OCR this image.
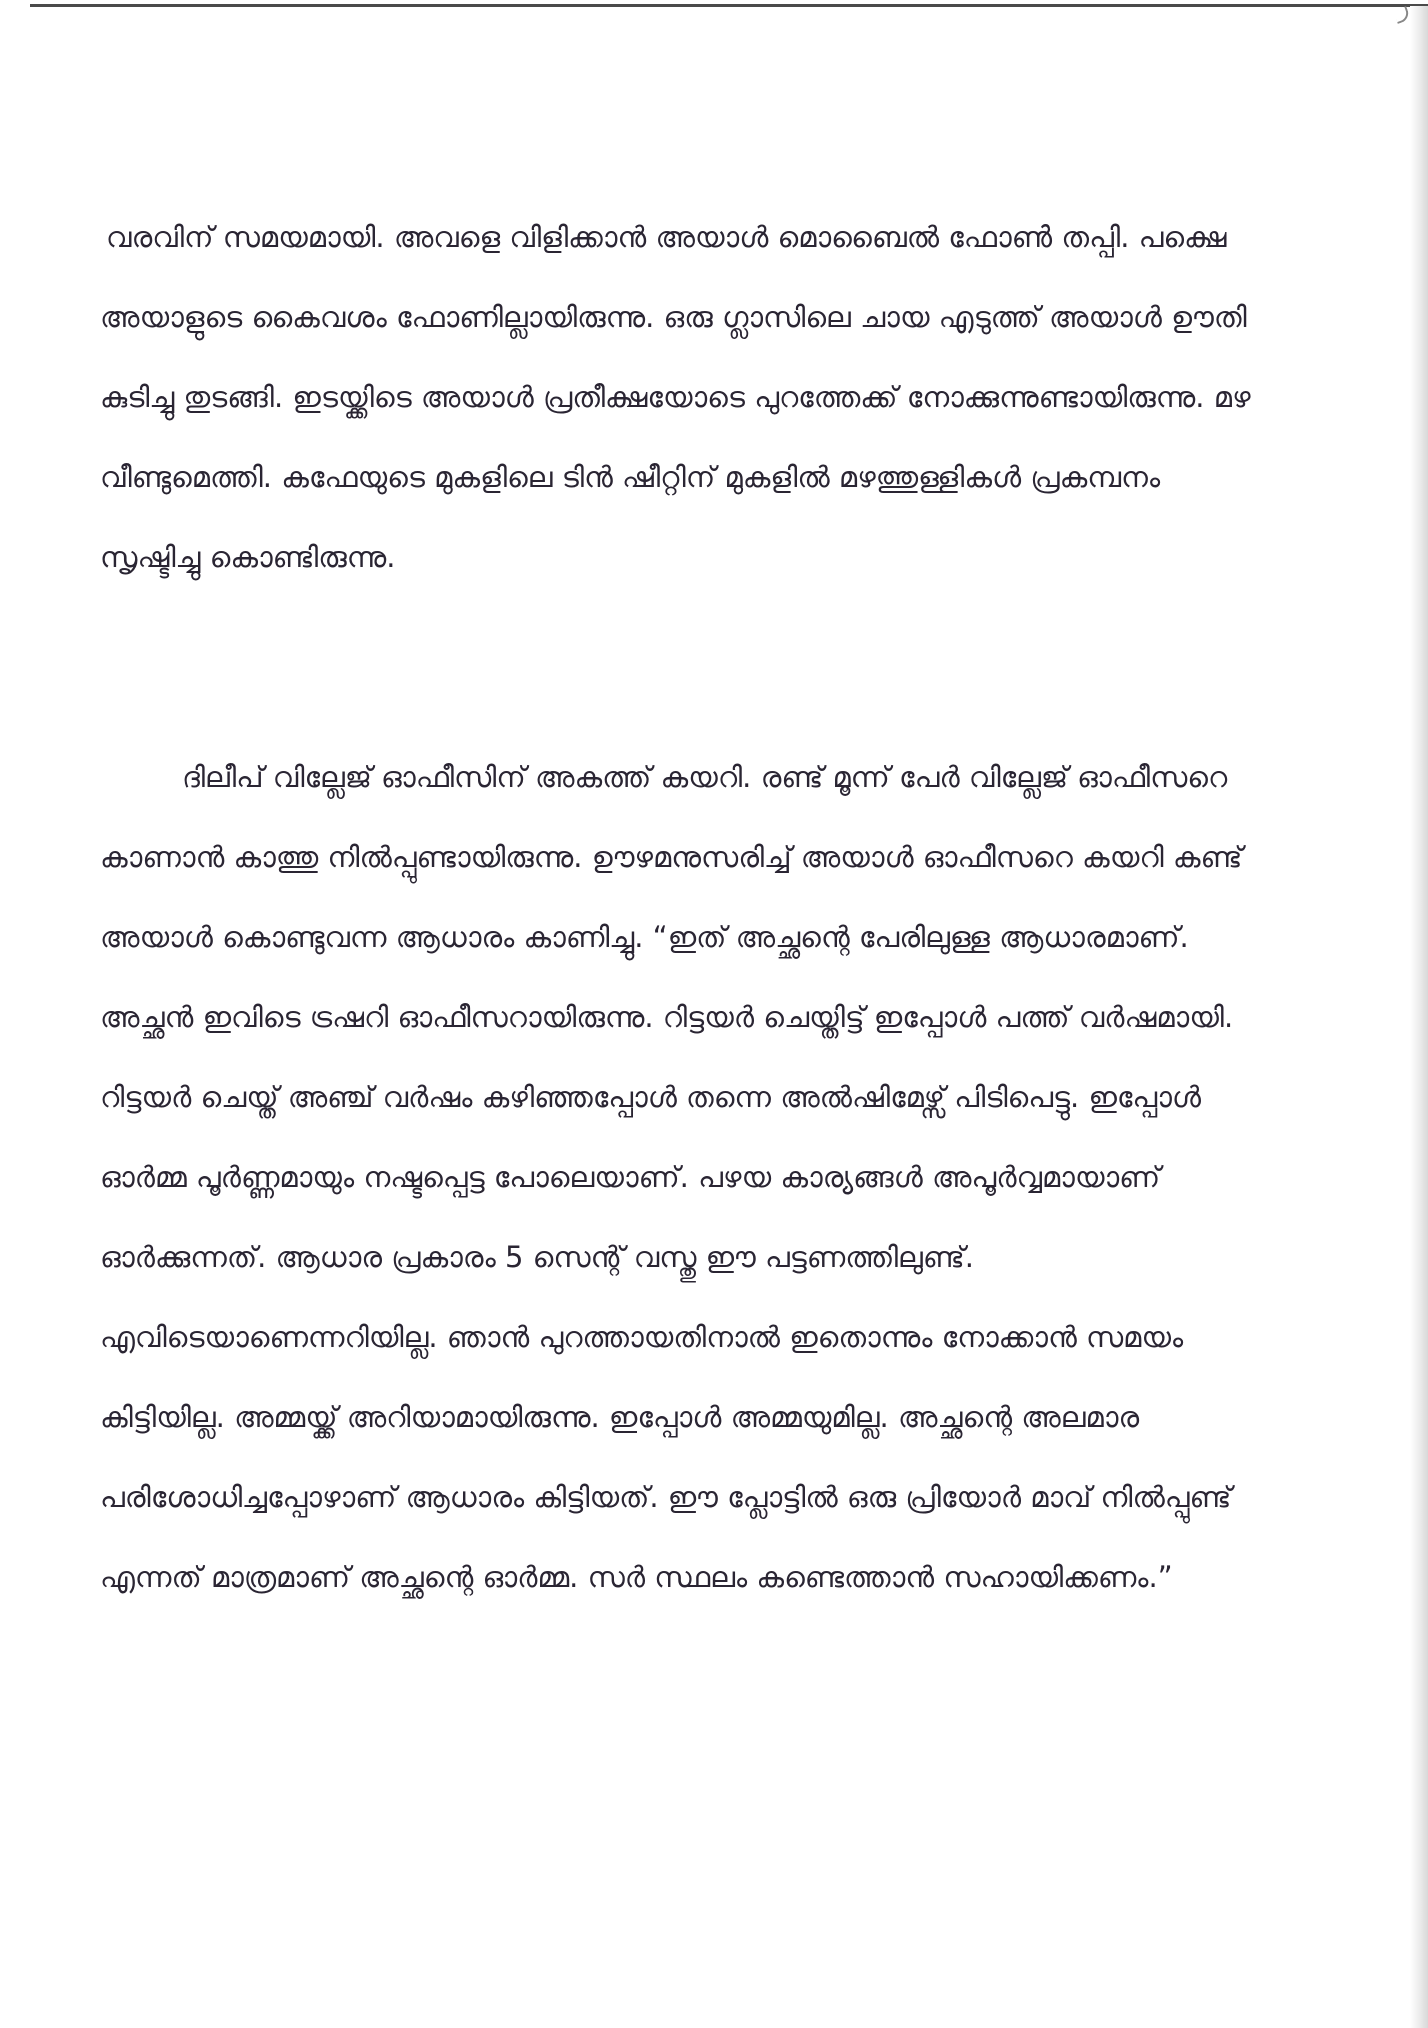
വരവിന് സമയമായി. അവളെ വിളിക്കാൻ അയാൾ മൊബൈൽ ഫോൺ തപ്പി. പക്ഷെ അയാളുടെ കൈവശം ഫോണില്ലായിരുന്നു. ഒരു ഗ്ലാസിലെ ചായ എടുത്ത് അയാൾ ഊതി കുടിച്ചു തുടങ്ങി. ഇടയ്ക്കിടെ അയാൾ പ്രതീക്ഷയോടെ പുറത്തേക്ക് നോക്കുന്നുണ്ടായിരുന്നു. മഴ വീണ്ടുമെത്തി. കഫേയുടെ മുകളിലെ ടിൻ ഷീറ്റിന് മുകളിൽ മഴത്തുള്ളികൾ പ്രകമ്പനം സൃഷ്ടിച്ചു കൊണ്ടിരുന്നു.

ദിലീപ് വില്ലേജ് ഓഫീസിന് അകത്ത് കയറി. രണ്ട് മൂന്ന് പേർ വില്ലേജ് ഓഫീസറെ കാണാൻ കാത്തു നിൽപ്പുണ്ടായിരുന്നു. ഊഴമനുസരിച്ച് അയാൾ ഓഫീസറെ കയറി കണ്ട് അയാൾ കൊണ്ടുവന്ന ആധാരം കാണിച്ചു. “ഇത് അച്ഛന്റെ പേരിലുള്ള ആധാരമാണ്. അച്ഛൻ ഇവിടെ ട്രഷറി ഓഫീസറായിരുന്നു. റിട്ടയർ ചെയ്തിട്ട് ഇപ്പോൾ പത്ത് വർഷമായി. റിട്ടയർ ചെയ്ത് അഞ്ച് വർഷം കഴിഞ്ഞപ്പോൾ തന്നെ അൽഷിമേഴ്സ് പിടിപെട്ടു. ഇപ്പോൾ ഓർമ്മ പൂർണ്ണമായും നഷ്ടപ്പെട്ട പോലെയാണ്. പഴയ കാര്യങ്ങൾ അപൂർവ്വമായാണ് ഓർക്കുന്നത്. ആധാര പ്രകാരം 5 സെന്റ് വസ്തു ഈ പട്ടണത്തിലുണ്ട്. എവിടെയാണെന്നറിയില്ല. ഞാൻ പുറത്തായതിനാൽ ഇതൊന്നും നോക്കാൻ സമയം കിട്ടിയില്ല. അമ്മയ്ക്ക് അറിയാമായിരുന്നു. ഇപ്പോൾ അമ്മയുമില്ല. അച്ഛന്റെ അലമാര പരിശോധിച്ചപ്പോഴാണ് ആധാരം കിട്ടിയത്. ഈ പ്ലോട്ടിൽ ഒരു പ്രിയോർ മാവ് നിൽപ്പുണ്ട് എന്നത് മാത്രമാണ് അച്ഛന്റെ ഓർമ്മ. സർ സ്ഥലം കണ്ടെത്താൻ സഹായിക്കണം.”
